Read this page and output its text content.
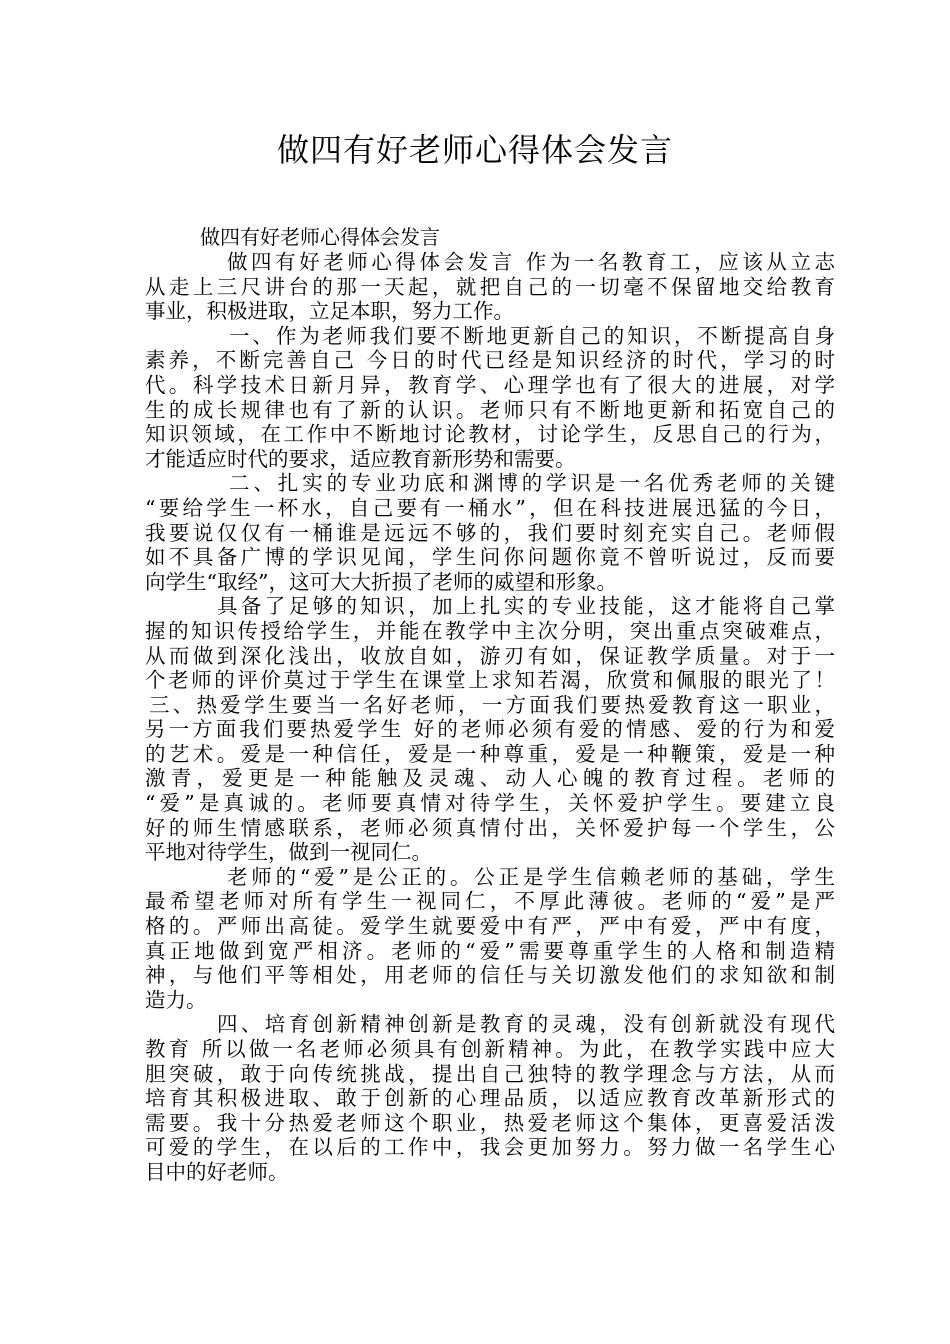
做四有好老师心得体会发言

做四有好老师心得体会发言

做四有好老师心得体会发言 作为一名教育工，应该从立志

从走上三尺讲台的那一天起，就把自己的一切毫不保留地交给教育

事业，积极进取，立足本职，努力工作。

一、作为老师我们要不断地更新自己的知识，不断提高自身

素养，不断完善自己 今日的时代已经是知识经济的时代，学习的时

代。科学技术日新月异，教育学、心理学也有了很大的进展，对学

生的成长规律也有了新的认识。老师只有不断地更新和拓宽自己的

知识领域，在工作中不断地讨论教材，讨论学生，反思自己的行为，

才能适应时代的要求，适应教育新形势和需要。

二、扎实的专业功底和渊博的学识是一名优秀老师的关键

“要给学生一杯水，自己要有一桶水”，但在科技进展迅猛的今日，

我要说仅仅有一桶谁是远远不够的，我们要时刻充实自己。老师假

如不具备广博的学识见闻，学生问你问题你竟不曾听说过，反而要

向学生“取经”，这可大大折损了老师的威望和形象。

具备了足够的知识，加上扎实的专业技能，这才能将自己掌

握的知识传授给学生，并能在教学中主次分明，突出重点突破难点，

从而做到深化浅出，收放自如，游刃有如，保证教学质量。对于一

个老师的评价莫过于学生在课堂上求知若渴，欣赏和佩服的眼光了！

三、热爱学生要当一名好老师，一方面我们要热爱教育这一职业，

另一方面我们要热爱学生 好的老师必须有爱的情感、爱的行为和爱

的艺术。爱是一种信任，爱是一种尊重，爱是一种鞭策，爱是一种

激青，爱更是一种能触及灵魂、动人心魄的教育过程。老师的

“爱”是真诚的。老师要真情对待学生，关怀爱护学生。要建立良

好的师生情感联系，老师必须真情付出，关怀爱护每一个学生，公

平地对待学生，做到一视同仁。

老师的“爱”是公正的。公正是学生信赖老师的基础，学生

最希望老师对所有学生一视同仁，不厚此薄彼。老师的“爱”是严

格的。严师出高徒。爱学生就要爱中有严，严中有爱，严中有度，

真正地做到宽严相济。老师的“爱”需要尊重学生的人格和制造精

神，与他们平等相处，用老师的信任与关切激发他们的求知欲和制

造力。

四、培育创新精神创新是教育的灵魂，没有创新就没有现代

教育 所以做一名老师必须具有创新精神。为此，在教学实践中应大

胆突破，敢于向传统挑战，提出自己独特的教学理念与方法，从而

培育其积极进取、敢于创新的心理品质，以适应教育改革新形式的

需要。我十分热爱老师这个职业，热爱老师这个集体，更喜爱活泼

可爱的学生，在以后的工作中，我会更加努力。努力做一名学生心

目中的好老师。
